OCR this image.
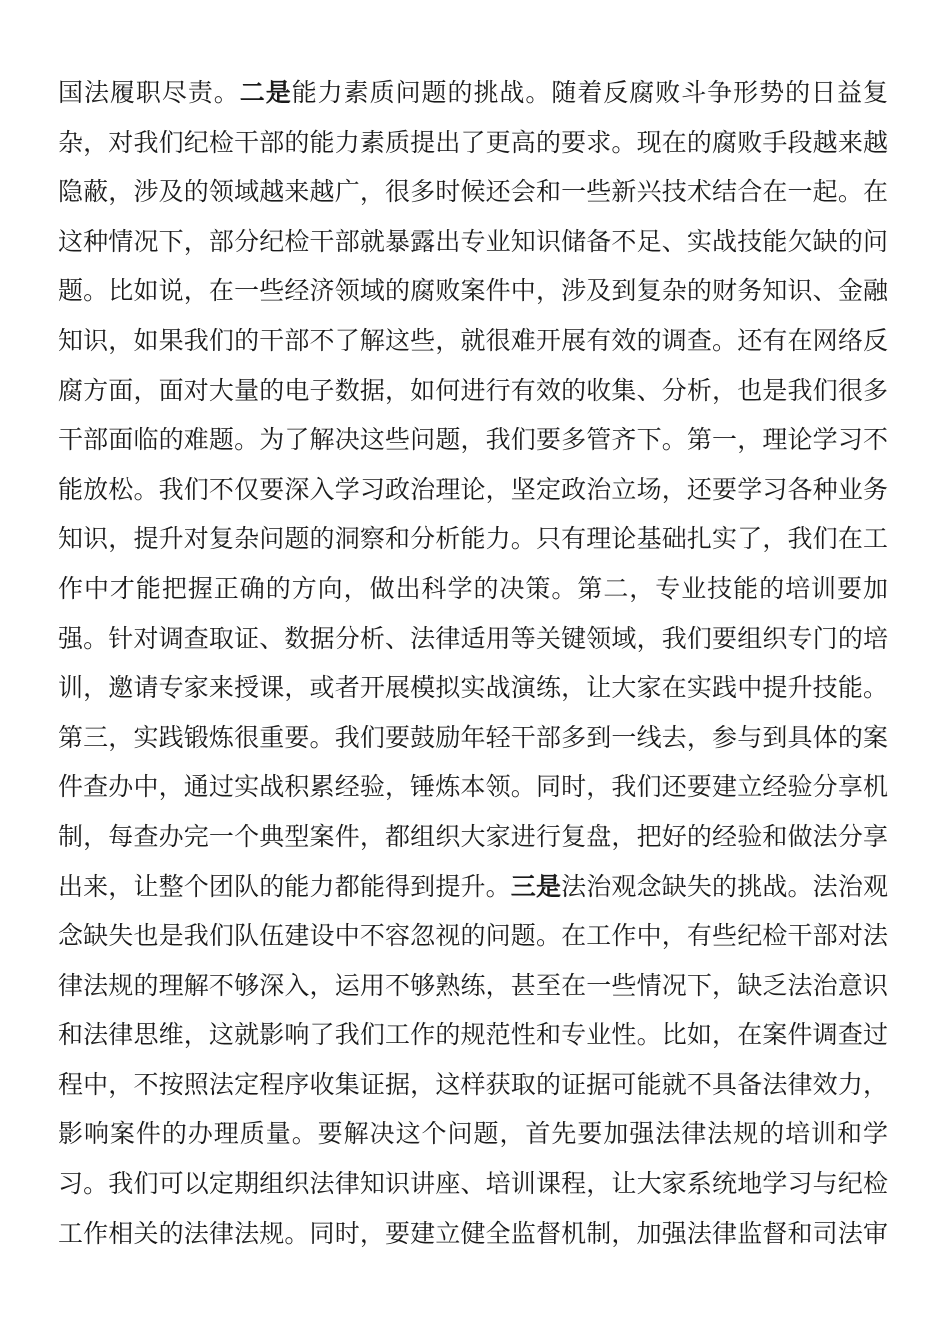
国法履职尽责。二是能力素质问题的挑战。随着反腐败斗争形势的日益复
杂，对我们纪检干部的能力素质提出了更高的要求。现在的腐败手段越来越
隐蔽，涉及的领域越来越广，很多时候还会和一些新兴技术结合在一起。在
这种情况下，部分纪检干部就暴露出专业知识储备不足、实战技能欠缺的问
题。比如说，在一些经济领域的腐败案件中，涉及到复杂的财务知识、金融
知识，如果我们的干部不了解这些，就很难开展有效的调查。还有在网络反
腐方面，面对大量的电子数据，如何进行有效的收集、分析，也是我们很多
干部面临的难题。为了解决这些问题，我们要多管齐下。第一，理论学习不
能放松。我们不仅要深入学习政治理论，坚定政治立场，还要学习各种业务
知识，提升对复杂问题的洞察和分析能力。只有理论基础扎实了，我们在工
作中才能把握正确的方向，做出科学的决策。第二，专业技能的培训要加
强。针对调查取证、数据分析、法律适用等关键领域，我们要组织专门的培
训，邀请专家来授课，或者开展模拟实战演练，让大家在实践中提升技能。
第三，实践锻炼很重要。我们要鼓励年轻干部多到一线去，参与到具体的案
件查办中，通过实战积累经验，锤炼本领。同时，我们还要建立经验分享机
制，每查办完一个典型案件，都组织大家进行复盘，把好的经验和做法分享
出来，让整个团队的能力都能得到提升。三是法治观念缺失的挑战。法治观
念缺失也是我们队伍建设中不容忽视的问题。在工作中，有些纪检干部对法
律法规的理解不够深入，运用不够熟练，甚至在一些情况下，缺乏法治意识
和法律思维，这就影响了我们工作的规范性和专业性。比如，在案件调查过
程中，不按照法定程序收集证据，这样获取的证据可能就不具备法律效力，
影响案件的办理质量。要解决这个问题，首先要加强法律法规的培训和学
习。我们可以定期组织法律知识讲座、培训课程，让大家系统地学习与纪检
工作相关的法律法规。同时，要建立健全监督机制，加强法律监督和司法审
